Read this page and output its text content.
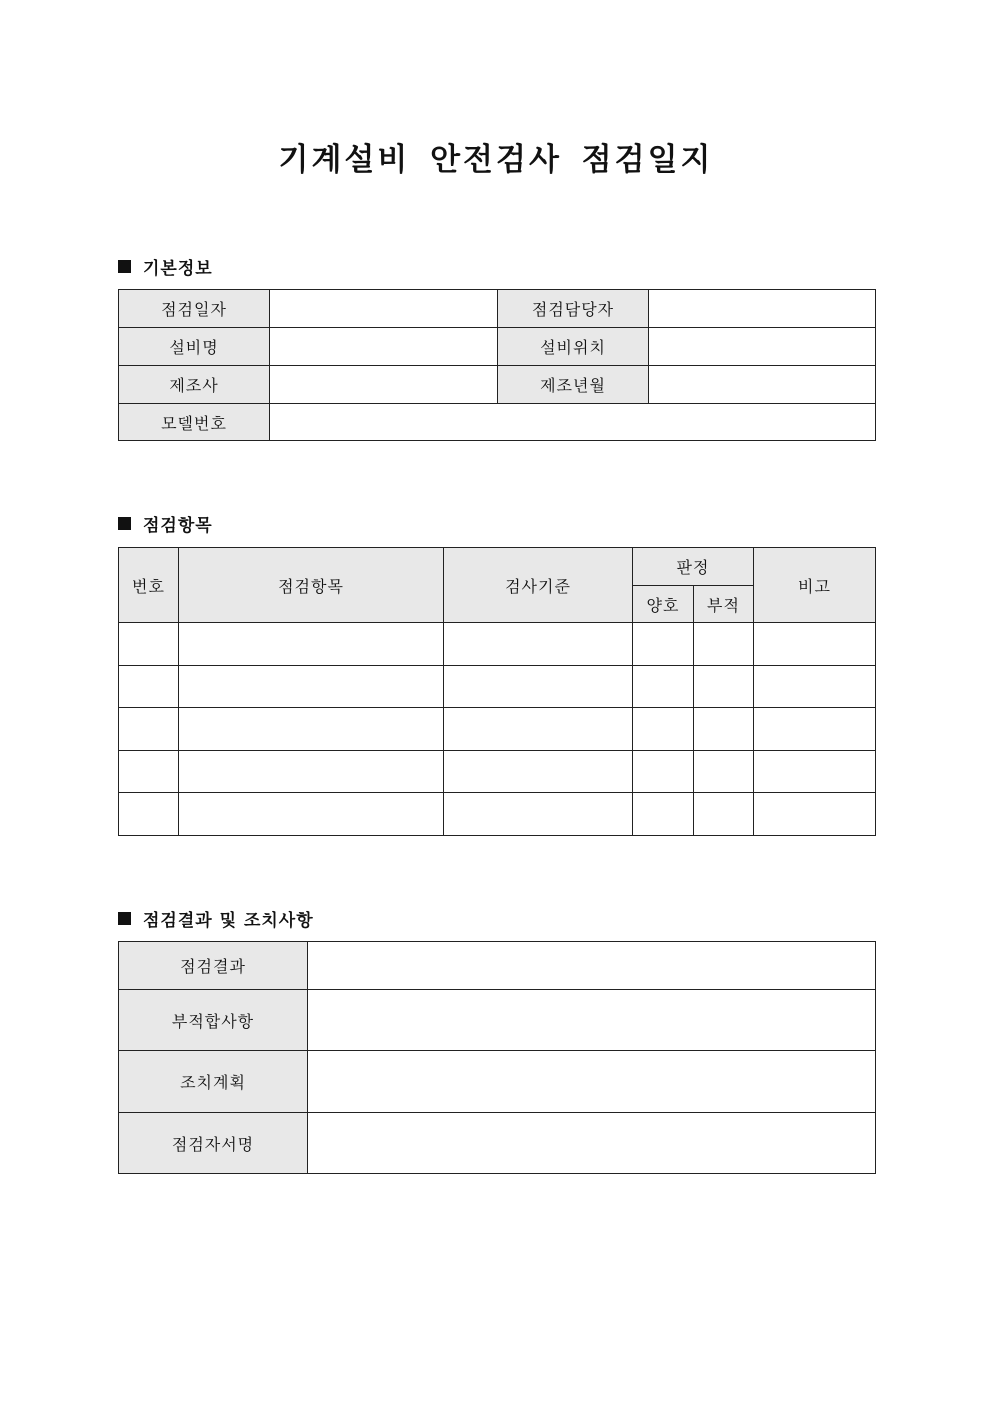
기계설비 안전검사 점검일지
기본정보
점검일자		점검담당자	
설비명		설비위치	
제조사		제조년월	
모델번호			
점검항목
번호	점검항목	검사기준	판정		비고
			양호	부적	

점검결과 및 조치사항
점검결과	
부적합사항	
조치계획	
점검자서명	
